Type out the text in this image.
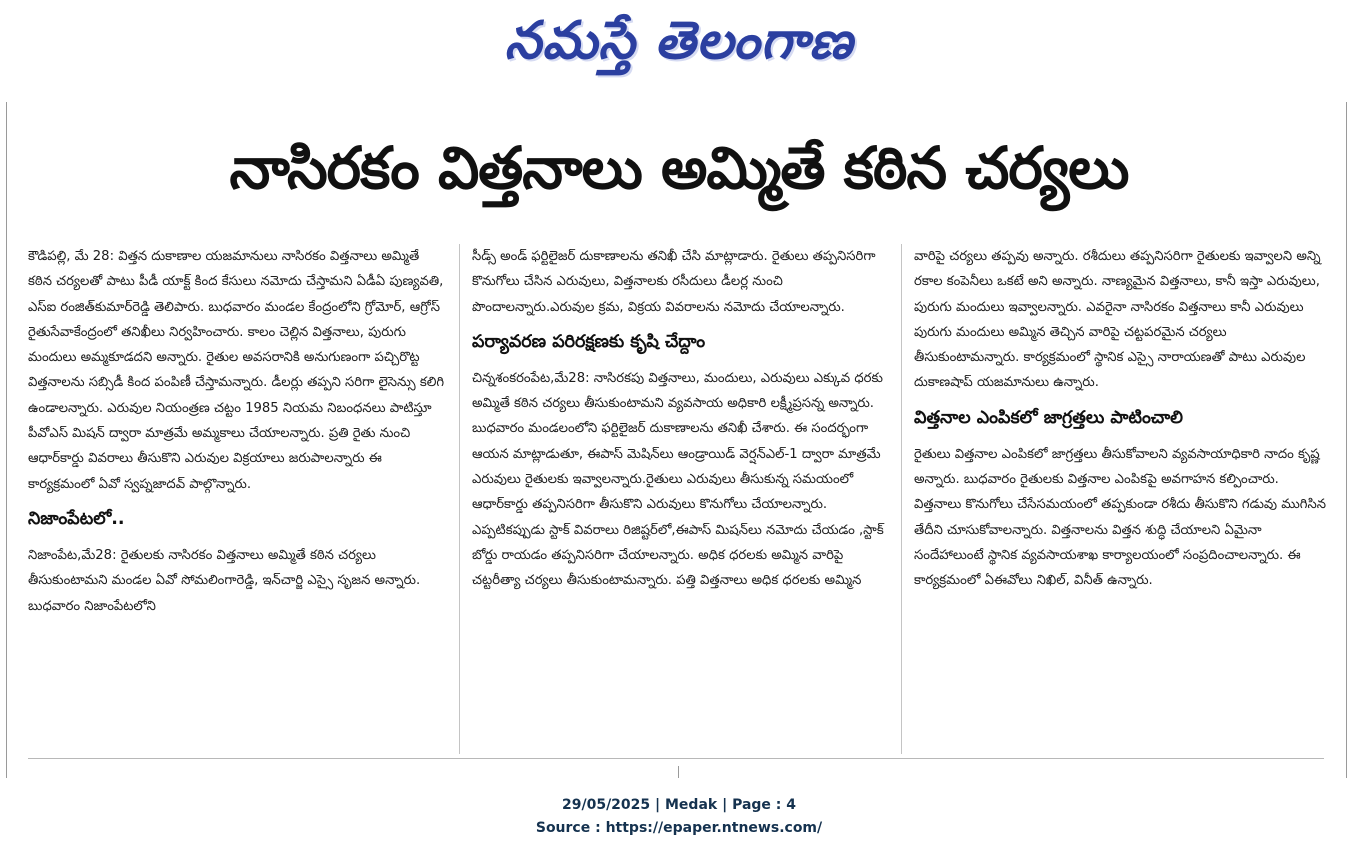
నమస్తే తెలంగాణ
నాసిరకం విత్తనాలు అమ్మితే కఠిన చర్యలు

కౌడిపల్లి, మే 28: విత్తన దుకాణాల యజమానులు నాసిరకం విత్తనాలు అమ్మితే కఠిన చర్యలతో పాటు పీడీ యాక్ట్ కింద కేసులు నమోదు చేస్తామని ఏడీఏ పుణ్యవతి, ఎస్ఐ రంజిత్‌కుమార్‌రెడ్డి తెలిపారు. బుధవారం మండల కేంద్రంలోని గ్రోమోర్, ఆగ్రోస్ రైతుసేవాకేంద్రంలో తనిఖీలు నిర్వహించారు. కాలం చెల్లిన విత్తనాలు, పురుగు మందులు అమ్మకూడదని అన్నారు. రైతుల అవసరానికి అనుగుణంగా పచ్చిరొట్ట విత్తనాలను సబ్సిడీ కింద పంపిణీ చేస్తామన్నారు. డీలర్లు తప్పని సరిగా లైసెన్సు కలిగి ఉండాలన్నారు. ఎరువుల నియంత్రణ చట్టం 1985 నియమ నిబంధనలు పాటిస్తూ పీవోఎస్ మిషన్ ద్వారా మాత్రమే అమ్మకాలు చేయాలన్నారు. ప్రతి రైతు నుంచి ఆధార్‌కార్డు వివరాలు తీసుకొని ఎరువుల విక్రయాలు జరుపాలన్నారు ఈ కార్యక్రమంలో ఏవో స్వప్నజాదవ్ పాల్గొన్నారు.

నిజాంపేటలో..

నిజాంపేట,మే28: రైతులకు నాసిరకం విత్తనాలు అమ్మితే కఠిన చర్యలు తీసుకుంటామని మండల ఏవో సోమలింగారెడ్డి, ఇన్‌చార్జి ఎస్సై సృజన అన్నారు. బుధవారం నిజాంపేటలోని

సీడ్స్ అండ్ ఫర్టిలైజర్ దుకాణాలను తనిఖీ చేసి మాట్లాడారు. రైతులు తప్పనిసరిగా కొనుగోలు చేసిన ఎరువులు, విత్తనాలకు రసీదులు డీలర్ల నుంచి పొందాలన్నారు.ఎరువుల క్రమ, విక్రయ వివరాలను నమోదు చేయాలన్నారు.

పర్యావరణ పరిరక్షణకు కృషి చేద్దాం

చిన్నశంకరంపేట,మే28: నాసిరకపు విత్తనాలు, మందులు, ఎరువులు ఎక్కువ ధరకు అమ్మితే కఠిన చర్యలు తీసుకుంటామని వ్యవసాయ అధికారి లక్ష్మీప్రసన్న అన్నారు. బుధవారం మండలంలోని ఫర్టిలైజర్ దుకాణాలను తనిఖీ చేశారు. ఈ సందర్భంగా ఆయన మాట్లాడుతూ, ఈపాస్ మెషిన్‌లు ఆండ్రాయిడ్ వెర్షన్‌ఎల్-1 ద్వారా మాత్రమే ఎరువులు రైతులకు ఇవ్వాలన్నారు.రైతులు ఎరువులు తీసుకున్న సమయంలో ఆధార్‌కార్డు తప్పనిసరిగా తీసుకొని ఎరువులు కొనుగోలు చేయాలన్నారు. ఎప్పటికప్పుడు స్టాక్ వివరాలు రిజిష్టర్‌లో,ఈపాస్ మిషన్‌లు నమోదు చేయడం ,స్టాక్ బోర్డు రాయడం తప్పనిసరిగా చేయాలన్నారు. అధిక ధరలకు అమ్మిన వారిపై చట్టరీత్యా చర్యలు తీసుకుంటామన్నారు. పత్తి విత్తనాలు అధిక ధరలకు అమ్మిన

వారిపై చర్యలు తప్పవు అన్నారు. రశీదులు తప్పనిసరిగా రైతులకు ఇవ్వాలని అన్ని రకాల కంపెనీలు ఒకటే అని అన్నారు. నాణ్యమైన విత్తనాలు, కానీ ఇస్తా ఎరువులు, పురుగు మందులు ఇవ్వాలన్నారు. ఎవరైనా నాసిరకం విత్తనాలు కానీ ఎరువులు పురుగు మందులు అమ్మిన తెచ్చిన వారిపై చట్టపరమైన చర్యలు తీసుకుంటామన్నారు. కార్యక్రమంలో స్థానిక ఎస్సై నారాయణతో పాటు ఎరువుల దుకాణషాప్ యజమానులు ఉన్నారు.

విత్తనాల ఎంపికలో జాగ్రత్తలు పాటించాలి

రైతులు విత్తనాల ఎంపికలో జాగ్రత్తలు తీసుకోవాలని వ్యవసాయాధికారి నాదం కృష్ణ అన్నారు. బుధవారం రైతులకు విత్తనాల ఎంపికపై అవగాహన కల్పించారు. విత్తనాలు కొనుగోలు చేసేసమయంలో తప్పకుండా రశీదు తీసుకొని గడువు ముగిసిన తేదీని చూసుకోవాలన్నారు. విత్తనాలను విత్తన శుద్ధి చేయాలని ఏమైనా సందేహాలుంటే స్థానిక వ్యవసాయశాఖ కార్యాలయంలో సంప్రదించాలన్నారు. ఈ కార్యక్రమంలో ఏఈవోలు నిఖిల్, వినీత్ ఉన్నారు.

29/05/2025 | Medak | Page : 4
Source : https://epaper.ntnews.com/
